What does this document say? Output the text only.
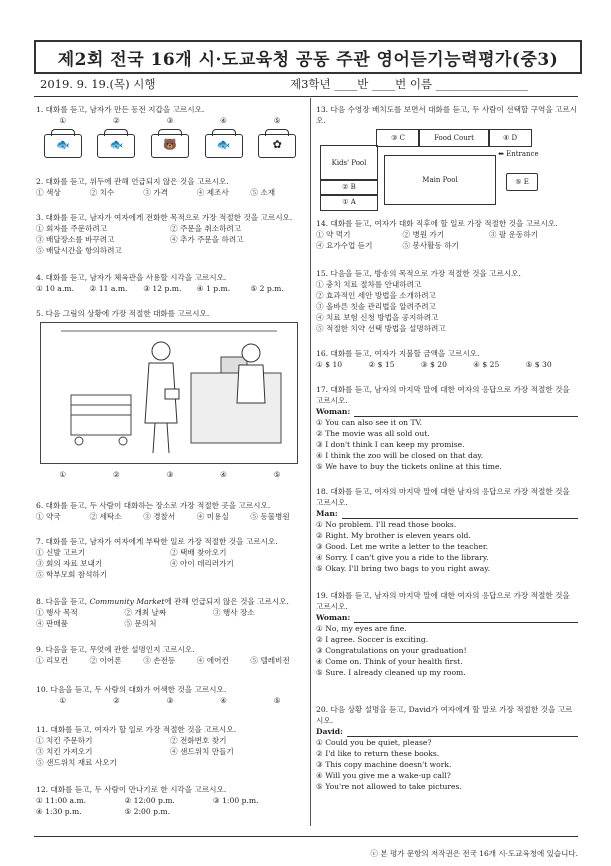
제2회 전국 16개 시·도교육청 공동 주관 영어듣기능력평가(중3)
2019. 9. 19.(목) 시행	제3학년 ____반 ____번 이름 ________________
1. 대화를 듣고, 남자가 만든 동전 지갑을 고르시오.
①	②	③	④	⑤
🐟	🐟	🐻	🐟	✿
2. 대화를 듣고, 위두에 관해 언급되지 않은 것을 고르시오.
① 색상	② 치수	③ 가격	④ 제조사	⑤ 소재
3. 대화를 듣고, 남자가 여자에게 전화한 목적으로 가장 적절한 것을 고르시오.
① 회자를 주문하려고	② 주문을 취소하려고
③ 배달장소를 바꾸려고	④ 추가 주문을 하려고
⑤ 배달시간을 항의하려고
4. 대화를 듣고, 남자가 체육관을 사용할 시각을 고르시오.
① 10 a.m.	② 11 a.m.	③ 12 p.m.	④ 1 p.m.	⑤ 2 p.m.
5. 다음 그림의 상황에 가장 적절한 대화를 고르시오.
①	②	③	④	⑤
6. 대화를 듣고, 두 사람이 대화하는 장소로 가장 적절한 곳을 고르시오.
① 약국	② 세탁소	③ 경찰서	④ 미용실	⑤ 동물병원
7. 대화를 듣고, 남자가 여자에게 부탁한 일로 가장 적절한 것을 고르시오.
① 신발 고르기	② 택배 찾아오기
③ 회의 자료 보내기	④ 아이 데리러가기
⑤ 학부모회 참석하기
8. 다음을 듣고, Community Market에 관해 언급되지 않은 것을 고르시오.
① 행사 목적	② 개최 날짜	③ 행사 장소
④ 판매품	⑤ 문의처
9. 다음을 듣고, 무엇에 관한 설명인지 고르시오.
① 리모컨	② 이어폰	③ 손전등	④ 에어컨	⑤ 텔레비전
10. 다음을 듣고, 두 사람의 대화가 어색한 것을 고르시오.
①	②	③	④	⑤
11. 대화를 듣고, 여자가 할 일로 가장 적절한 것을 고르시오.
① 치킨 주문하기	② 전화번호 찾기
③ 치킨 가져오기	④ 샌드위치 만들기
⑤ 샌드위치 재료 사오기
12. 대화를 듣고, 두 사람이 만나기로 한 시각을 고르시오.
① 11:00 a.m.	② 12:00 p.m.	③ 1:00 p.m.
④ 1:30 p.m.	⑤ 2:00 p.m.
13. 다음 수영장 배치도를 보면서 대화를 듣고, 두 사람이 선택할 구역을 고르시오.
Kids' Pool
③ C	Food Court	④ D
② B
① A
Main Pool
⬅ Entrance
⑤ E
14. 대화를 듣고, 여자가 대화 직후에 할 일로 가장 적절한 것을 고르시오.
① 약 먹기	② 병원 가기	③ 팔 운동하기
④ 요가수업 듣기	⑤ 봉사활동 하기
15. 다음을 듣고, 방송의 목적으로 가장 적절한 것을 고르시오.
① 충치 치료 절차를 안내하려고
② 효과적인 세안 방법을 소개하려고
③ 올바른 칫솔 관리법을 알려주려고
④ 치료 보험 신청 방법을 공지하려고
⑤ 적절한 치약 선택 방법을 설명하려고
16. 대화를 듣고, 여자가 지불할 금액을 고르시오.
① $ 10	② $ 15	③ $ 20	④ $ 25	⑤ $ 30
17. 대화를 듣고, 남자의 마지막 말에 대한 여자의 응답으로 가장 적절한 것을 고르시오.
Woman:
① You can also see it on TV.
② The movie was all sold out.
③ I don't think I can keep my promise.
④ I think the zoo will be closed on that day.
⑤ We have to buy the tickets online at this time.
18. 대화를 듣고, 여자의 마지막 말에 대한 남자의 응답으로 가장 적절한 것을 고르시오.
Man:
① No problem. I'll read those books.
② Right. My brother is eleven years old.
③ Good. Let me write a letter to the teacher.
④ Sorry. I can't give you a ride to the library.
⑤ Okay. I'll bring two bags to you right away.
19. 대화를 듣고, 남자의 마지막 말에 대한 여자의 응답으로 가장 적절한 것을 고르시오.
Woman:
① No, my eyes are fine.
② I agree. Soccer is exciting.
③ Congratulations on your graduation!
④ Come on. Think of your health first.
⑤ Sure. I already cleaned up my room.
20. 다음 상황 설명을 듣고, David가 여자에게 할 말로 가장 적절한 것을 고르시오.
David:
① Could you be quiet, please?
② I'd like to return these books.
③ This copy machine doesn't work.
④ Will you give me a wake-up call?
⑤ You're not allowed to take pictures.
ⓒ 본 평가 문항의 저작권은 전국 16개 시·도교육청에 있습니다.
